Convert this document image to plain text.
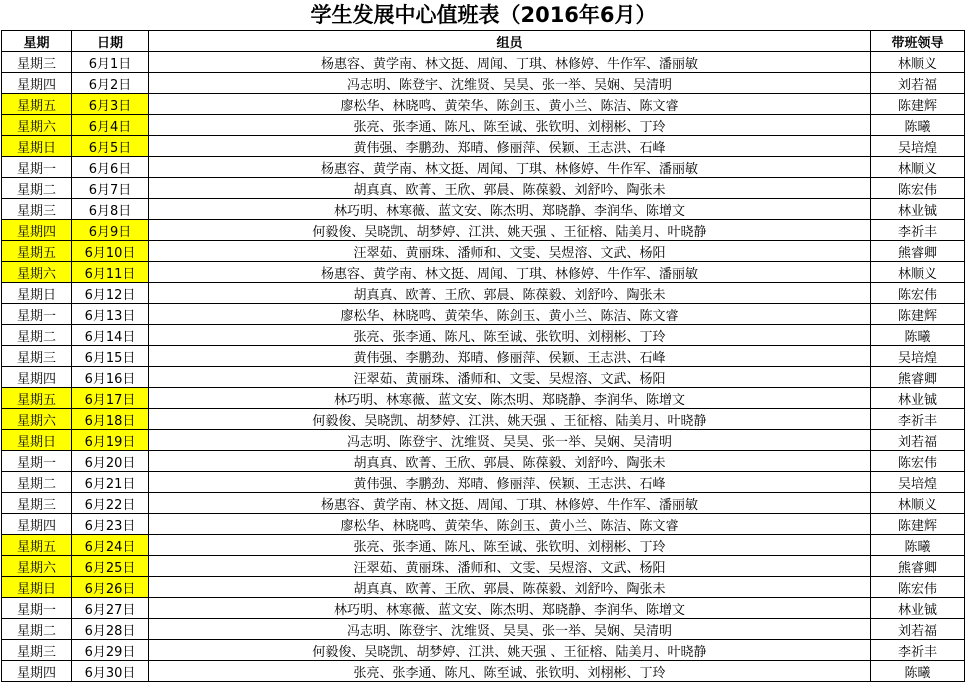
学生发展中心值班表（2016年6月）
星期	日期	组员	带班领导
星期三	6月1日	杨惠容、黄学南、林文挺、周闻、丁琪、林修婷、牛作军、潘丽敏	林顺义
星期四	6月2日	冯志明、陈登宇、沈维贤、吴昊、张一举、吴娴、吴清明	刘若福
星期五	6月3日	廖松华、林晓鸣、黄荣华、陈剑玉、黄小兰、陈洁、陈文睿	陈建辉
星期六	6月4日	张亮、张李通、陈凡、陈至诚、张钦明、刘栩彬、丁玲	陈曦
星期日	6月5日	黄伟强、李鹏劲、郑晴、修丽萍、侯颖、王志洪、石峰	吴培煌
星期一	6月6日	杨惠容、黄学南、林文挺、周闻、丁琪、林修婷、牛作军、潘丽敏	林顺义
星期二	6月7日	胡真真、欧菁、王欣、郭晨、陈葆毅、刘舒吟、陶张未	陈宏伟
星期三	6月8日	林巧明、林寒薇、蓝文安、陈杰明、郑晓静、李润华、陈增文	林业铖
星期四	6月9日	何毅俊、吴晓凯、胡梦婷、江洪、姚天强 、王征榕、陆美月、叶晓静	李祈丰
星期五	6月10日	汪翠茹、黄丽珠、潘师和、文雯、吴煜溶、文武、杨阳	熊睿卿
星期六	6月11日	杨惠容、黄学南、林文挺、周闻、丁琪、林修婷、牛作军、潘丽敏	林顺义
星期日	6月12日	胡真真、欧菁、王欣、郭晨、陈葆毅、刘舒吟、陶张未	陈宏伟
星期一	6月13日	廖松华、林晓鸣、黄荣华、陈剑玉、黄小兰、陈洁、陈文睿	陈建辉
星期二	6月14日	张亮、张李通、陈凡、陈至诚、张钦明、刘栩彬、丁玲	陈曦
星期三	6月15日	黄伟强、李鹏劲、郑晴、修丽萍、侯颖、王志洪、石峰	吴培煌
星期四	6月16日	汪翠茹、黄丽珠、潘师和、文雯、吴煜溶、文武、杨阳	熊睿卿
星期五	6月17日	林巧明、林寒薇、蓝文安、陈杰明、郑晓静、李润华、陈增文	林业铖
星期六	6月18日	何毅俊、吴晓凯、胡梦婷、江洪、姚天强 、王征榕、陆美月、叶晓静	李祈丰
星期日	6月19日	冯志明、陈登宇、沈维贤、吴昊、张一举、吴娴、吴清明	刘若福
星期一	6月20日	胡真真、欧菁、王欣、郭晨、陈葆毅、刘舒吟、陶张未	陈宏伟
星期二	6月21日	黄伟强、李鹏劲、郑晴、修丽萍、侯颖、王志洪、石峰	吴培煌
星期三	6月22日	杨惠容、黄学南、林文挺、周闻、丁琪、林修婷、牛作军、潘丽敏	林顺义
星期四	6月23日	廖松华、林晓鸣、黄荣华、陈剑玉、黄小兰、陈洁、陈文睿	陈建辉
星期五	6月24日	张亮、张李通、陈凡、陈至诚、张钦明、刘栩彬、丁玲	陈曦
星期六	6月25日	汪翠茹、黄丽珠、潘师和、文雯、吴煜溶、文武、杨阳	熊睿卿
星期日	6月26日	胡真真、欧菁、王欣、郭晨、陈葆毅、刘舒吟、陶张未	陈宏伟
星期一	6月27日	林巧明、林寒薇、蓝文安、陈杰明、郑晓静、李润华、陈增文	林业铖
星期二	6月28日	冯志明、陈登宇、沈维贤、吴昊、张一举、吴娴、吴清明	刘若福
星期三	6月29日	何毅俊、吴晓凯、胡梦婷、江洪、姚天强 、王征榕、陆美月、叶晓静	李祈丰
星期四	6月30日	张亮、张李通、陈凡、陈至诚、张钦明、刘栩彬、丁玲	陈曦
